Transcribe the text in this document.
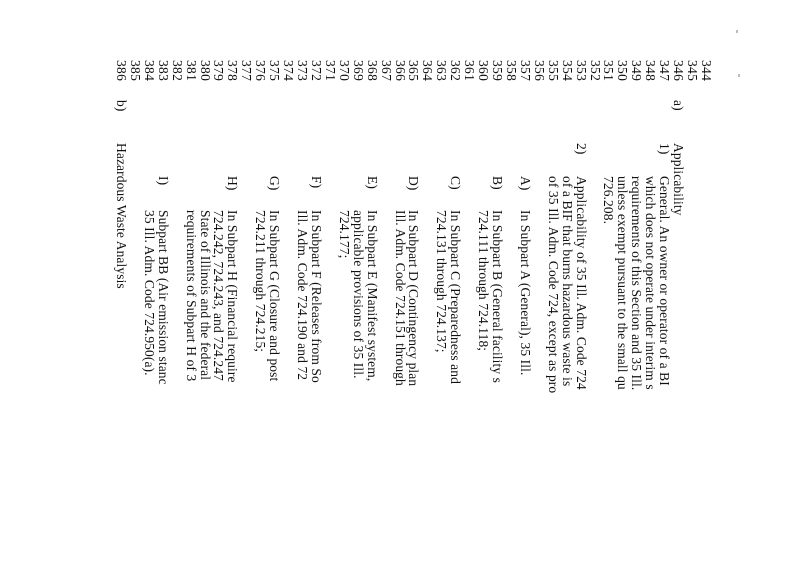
344
345
346
347
348
349
350
351
352
353
354
355
356
357
358
359
360
361
362
363
364
365
366
367
368
369
370
371
372
373
374
375
376
377
378
379
380
381
382
383
384
385
386
a)
Applicability
1)
General. An owner or operator of a BI
which does not operate under interim s
requirements of this Section and 35 Ill.
unless exempt pursuant to the small qu
726.208.
2)
Applicability of 35 Ill. Adm. Code 724
of a BIF that burns hazardous waste is
of 35 Ill. Adm. Code 724, except as pro
A)
In Subpart A (General), 35 Ill.
B)
In Subpart B (General facility s
724.111 through 724.118;
C)
In Subpart C (Preparedness and
724.131 through 724.137;
D)
In Subpart D (Contingency plan
Ill. Adm. Code 724.151 through
E)
In Subpart E (Manifest system,
applicable provisions of 35 Ill.
724.177;
F)
In Subpart F (Releases from So
Ill. Adm. Code 724.190 and 72
G)
In Subpart G (Closure and post
724.211 through 724.215;
H)
In Subpart H (Financial require
724.242, 724.243, and 724.247
State of Illinois and the federal
requirements of Subpart H of 3
I)
Subpart BB (Air emission stanc
35 Ill. Adm. Code 724.950(a).
b)
Hazardous Waste Analysis
